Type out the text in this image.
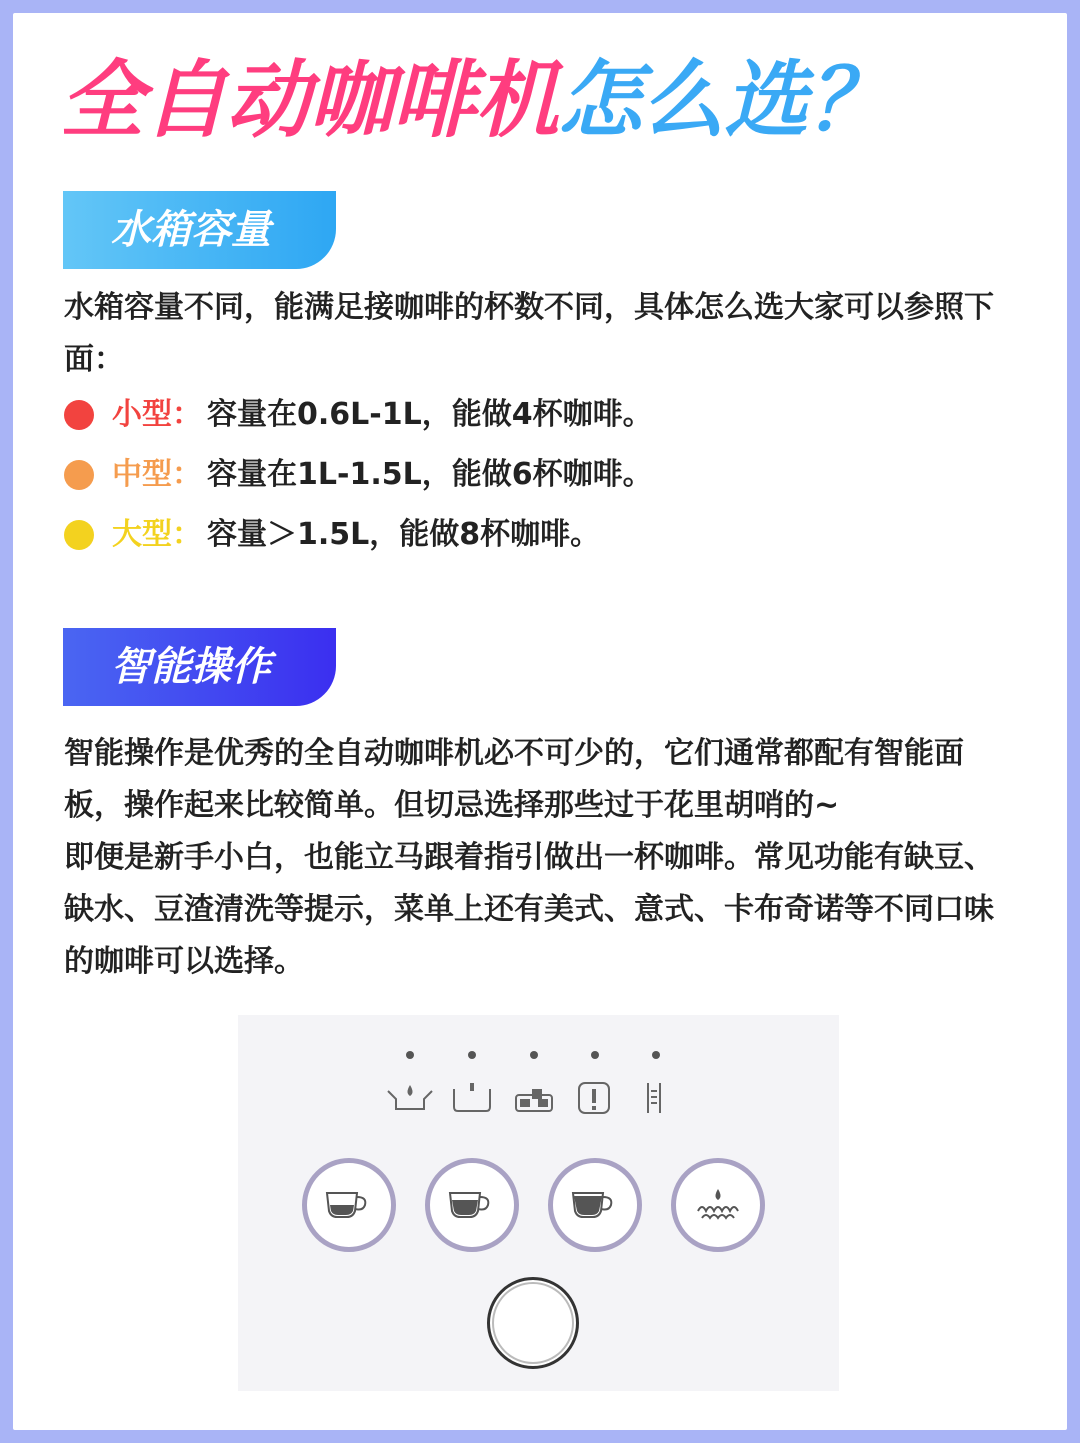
全自动咖啡机怎么选？
水箱容量
水箱容量不同，能满足接咖啡的杯数不同，具体怎么选大家可以参照下面：
小型： 容量在0.6L-1L，能做4杯咖啡。
中型： 容量在1L-1.5L，能做6杯咖啡。
大型： 容量＞1.5L，能做8杯咖啡。
智能操作
智能操作是优秀的全自动咖啡机必不可少的，它们通常都配有智能面板，操作起来比较简单。但切忌选择那些过于花里胡哨的~
即便是新手小白，也能立马跟着指引做出一杯咖啡。常见功能有缺豆、缺水、豆渣清洗等提示，菜单上还有美式、意式、卡布奇诺等不同口味的咖啡可以选择。
